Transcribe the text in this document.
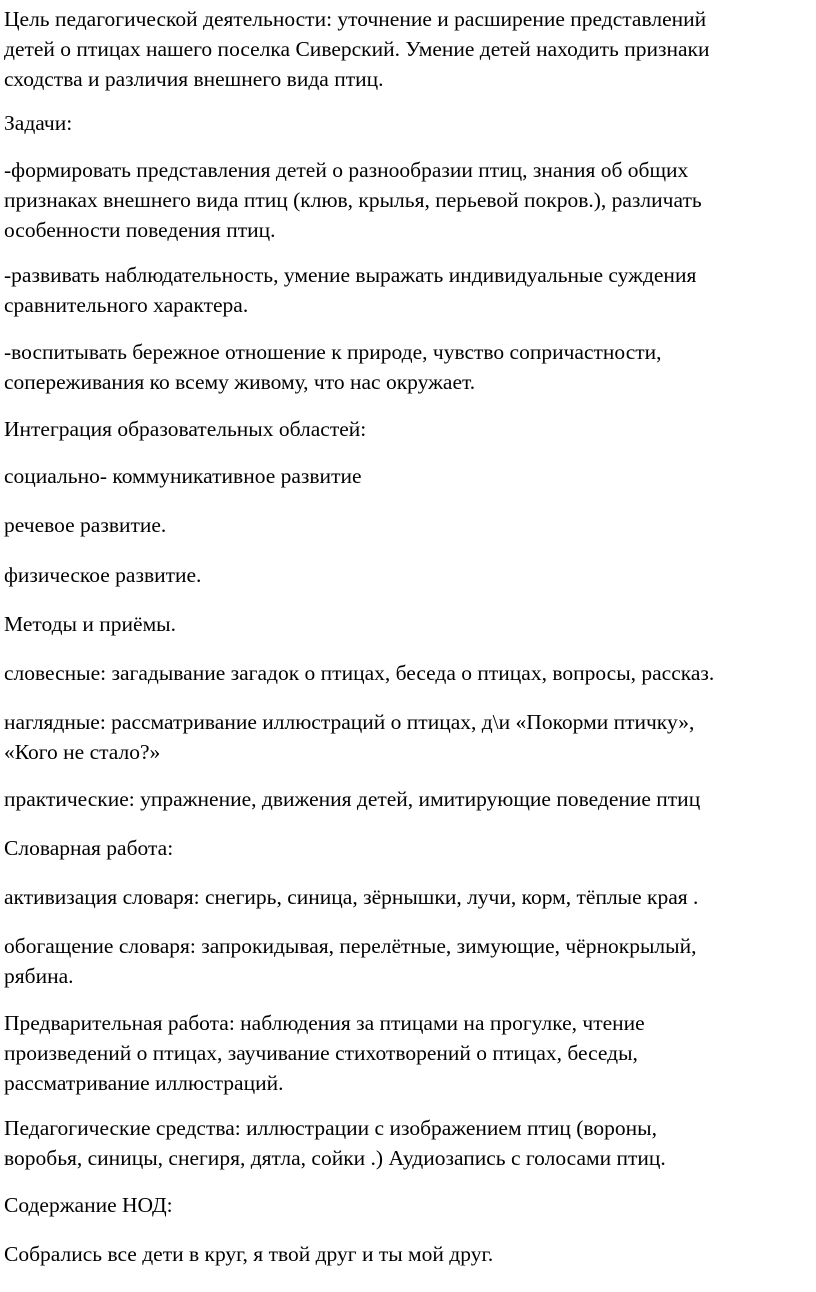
Цель педагогической деятельности: уточнение и расширение представлений
детей о птицах нашего поселка Сиверский. Умение детей находить признаки
сходства и различия внешнего вида птиц.

Задачи:

-формировать представления детей о разнообразии птиц, знания об общих
признаках внешнего вида птиц (клюв, крылья, перьевой покров.), различать
особенности поведения птиц.

-развивать наблюдательность, умение выражать индивидуальные суждения
сравнительного характера.

-воспитывать бережное отношение к природе, чувство сопричастности,
сопереживания ко всему живому, что нас окружает.

Интеграция образовательных областей:

социально- коммуникативное развитие

речевое развитие.

физическое развитие.

Методы и приёмы.

словесные: загадывание загадок о птицах, беседа о птицах, вопросы, рассказ.

наглядные: рассматривание иллюстраций о птицах, д\и «Покорми птичку»,
«Кого не стало?»

практические: упражнение, движения детей, имитирующие поведение птиц

Словарная работа:

активизация словаря: снегирь, синица, зёрнышки, лучи, корм, тёплые края .

обогащение словаря: запрокидывая, перелётные, зимующие, чёрнокрылый,
рябина.

Предварительная работа: наблюдения за птицами на прогулке, чтение
произведений о птицах, заучивание стихотворений о птицах, беседы,
рассматривание иллюстраций.

Педагогические средства: иллюстрации с изображением птиц (вороны,
воробья, синицы, снегиря, дятла, сойки .) Аудиозапись с голосами птиц.

Содержание НОД:

Собрались все дети в круг, я твой друг и ты мой друг.
